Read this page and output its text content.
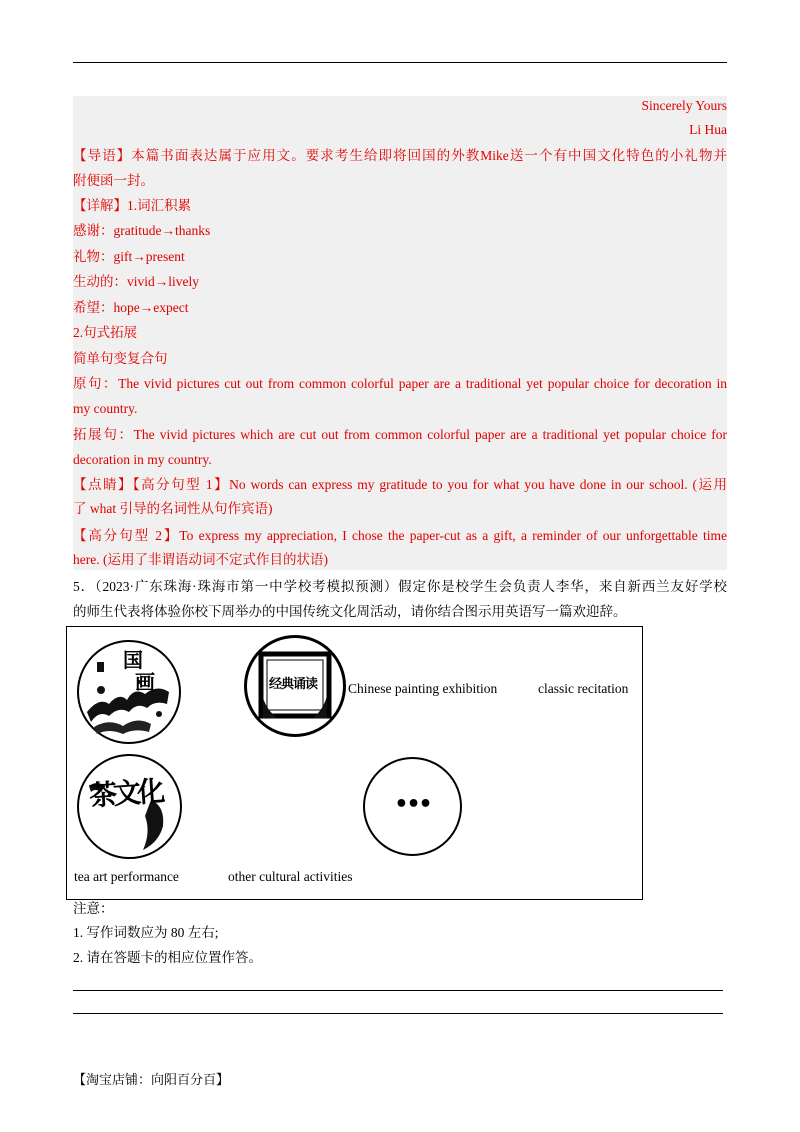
Sincerely Yours
Li Hua
【导语】本篇书面表达属于应用文。要求考生给即将回国的外教Mike送一个有中国文化特色的小礼物并
附便函一封。
【详解】1.词汇积累
感谢：gratitude→thanks
礼物：gift→present
生动的：vivid→lively
希望：hope→expect
2.句式拓展
简单句变复合句
原句：The vivid pictures cut out from common colorful paper are a traditional yet popular choice for decoration in
my country.
拓展句：The vivid pictures which are cut out from common colorful paper are a traditional yet popular choice for
decoration in my country.
【点睛】【高分句型 1】No words can express my gratitude to you for what you have done in our school. (运用
了 what 引导的名词性从句作宾语)
【高分句型 2】To express my appreciation, I chose the paper-cut as a gift, a reminder of our unforgettable time
here. (运用了非谓语动词不定式作目的状语)
5．（2023·广东珠海·珠海市第一中学校考模拟预测）假定你是校学生会负责人李华，来自新西兰友好学校
的师生代表将体验你校下周举办的中国传统文化周活动，请你结合图示用英语写一篇欢迎辞。
国
画	经典诵读 Chinese painting exhibition	classic recitation
茶文化	•••
tea art performance	other cultural activities
注意：
1. 写作词数应为 80 左右;
2. 请在答题卡的相应位置作答。
【淘宝店铺：向阳百分百】
